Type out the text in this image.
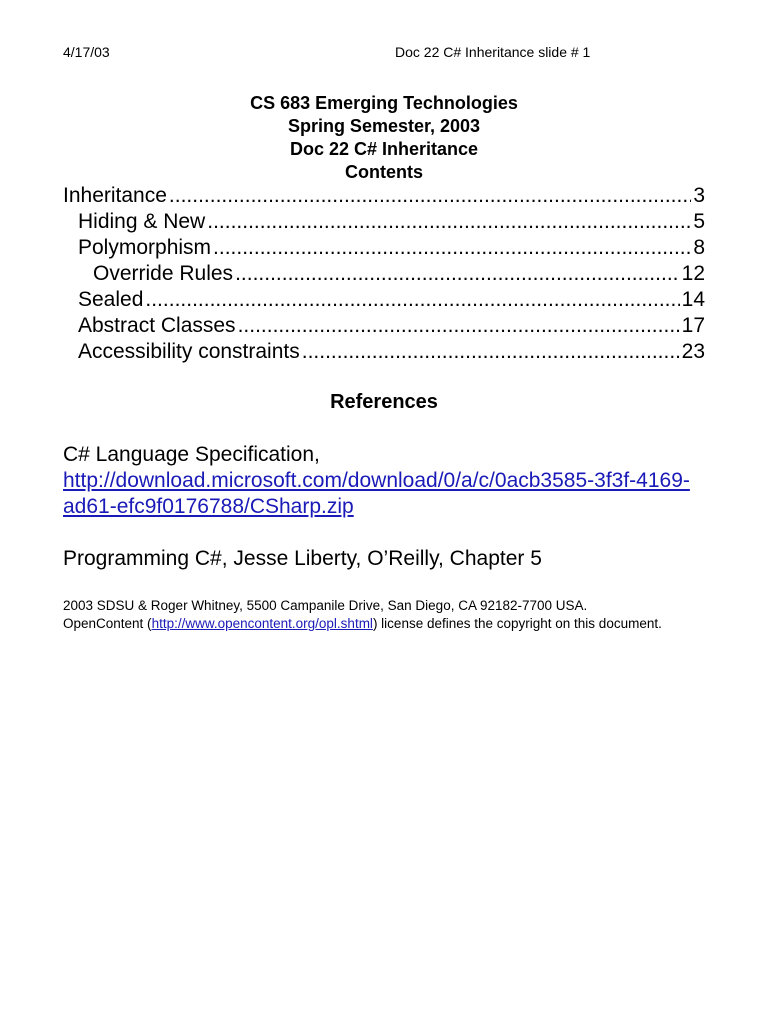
4/17/03	Doc 22 C# Inheritance slide # 1
CS 683 Emerging Technologies
Spring Semester, 2003
Doc 22 C# Inheritance
Contents
Inheritance .....	3
Hiding & New .....	5
Polymorphism .....	8
Override Rules .....	12
Sealed .....	14
Abstract Classes .....	17
Accessibility constraints .....	23
References
C# Language Specification,
http://download.microsoft.com/download/0/a/c/0acb3585-3f3f-4169-ad61-efc9f0176788/CSharp.zip
Programming C#, Jesse Liberty, O’Reilly, Chapter 5
2003 SDSU & Roger Whitney, 5500 Campanile Drive, San Diego, CA 92182-7700 USA.
OpenContent (http://www.opencontent.org/opl.shtml) license defines the copyright on this document.
